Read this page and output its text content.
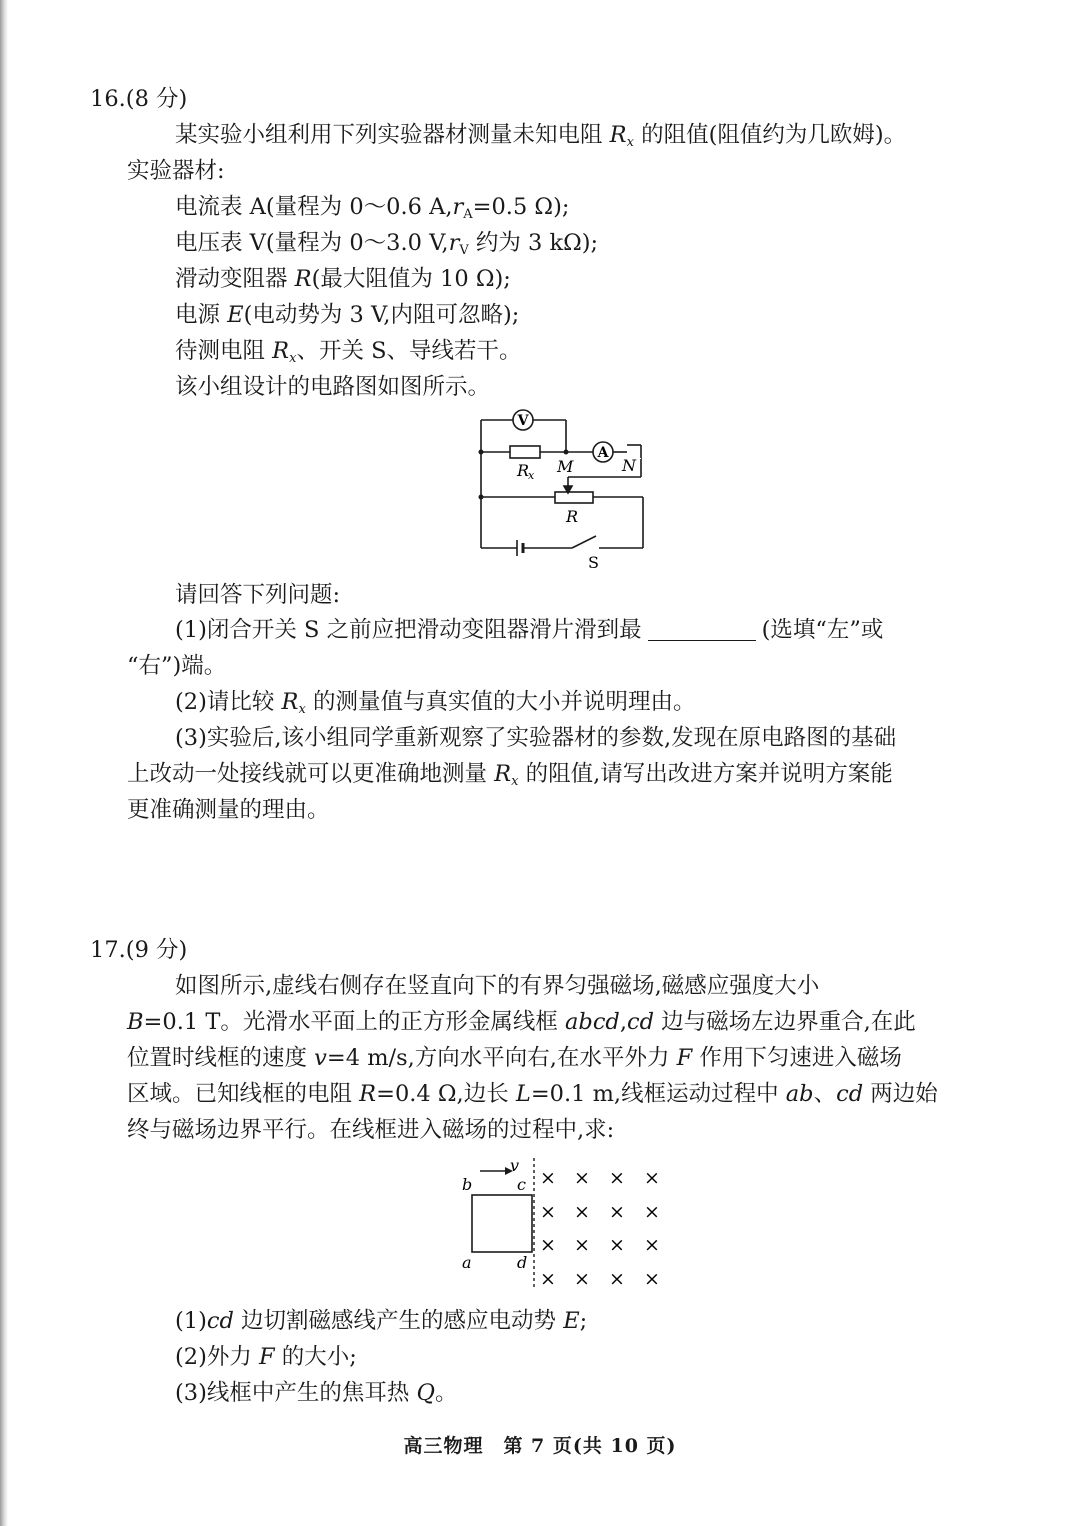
16.(8 分)
某实验小组利用下列实验器材测量未知电阻 $R_x$ 的阻值(阻值约为几欧姆)。
实验器材:
电流表 A(量程为 0～0.6 $A,r_A=0.5$ Ω);
电压表 V(量程为 0～3.0 $V,r_V$ 约为 3 kΩ);
滑动变阻器 R(最大阻值为 10 Ω);
电源 E(电动势为 3 V,内阻可忽略);
待测电阻 $R_x$、开关 S、导线若干。
该小组设计的电路图如图所示。
V
A
R
x M	N
R
S
请回答下列问题:
(1)闭合开关 S 之前应把滑动变阻器滑片滑到最	(选填“左”或
“右”)端。
(2)请比较 $R_x$ 的测量值与真实值的大小并说明理由。
(3)实验后,该小组同学重新观察了实验器材的参数,发现在原电路图的基础
上改动一处接线就可以更准确地测量 $R_x$ 的阻值,请写出改进方案并说明方案能
更准确测量的理由。
17.(9 分)
如图所示,虚线右侧存在竖直向下的有界匀强磁场,磁感应强度大小
B=0.1 T。光滑水平面上的正方形金属线框 abcd,cd 边与磁场左边界重合,在此
位置时线框的速度 v=4 m/s,方向水平向右,在水平外力 F 作用下匀速进入磁场
区域。已知线框的电阻 R=0.4 Ω,边长 L=0.1 m,线框运动过程中 ab、cd 两边始
终与磁场边界平行。在线框进入磁场的过程中,求:
v
b	c
a	d
× × × ×
× × × ×
× × × ×
× × × ×
(1)cd 边切割磁感线产生的感应电动势 E;
(2)外力 F 的大小;
(3)线框中产生的焦耳热 Q。
高三物理　第 7 页(共 10 页)
